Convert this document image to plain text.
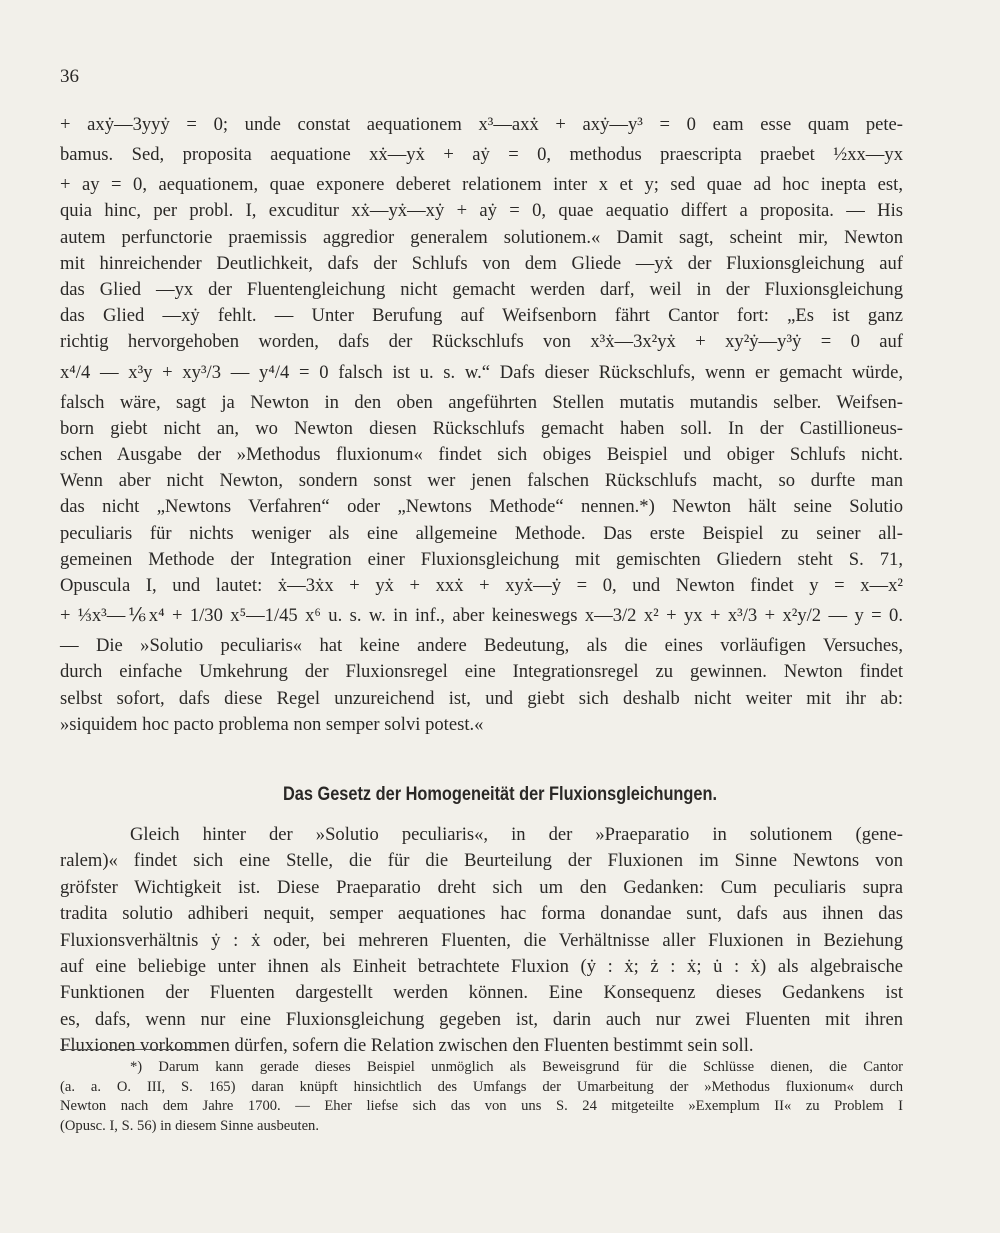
36

+ axẏ—3yyẏ = 0; unde constat aequationem x³—axẋ + axẏ—y³ = 0 eam esse quam pete-

bamus. Sed, proposita aequatione xẋ—yẋ + aẏ = 0, methodus praescripta praebet ½xx—yx

+ ay = 0, aequationem, quae exponere deberet relationem inter x et y; sed quae ad hoc inepta est,

quia hinc, per probl. I, excuditur xẋ—yẋ—xẏ + aẏ = 0, quae aequatio differt a proposita. — His

autem perfunctorie praemissis aggredior generalem solutionem.« Damit sagt, scheint mir, Newton

mit hinreichender Deutlichkeit, dafs der Schlufs von dem Gliede —yẋ der Fluxionsgleichung auf

das Glied —yx der Fluentengleichung nicht gemacht werden darf, weil in der Fluxionsgleichung

das Glied —xẏ fehlt. — Unter Berufung auf Weifsenborn fährt Cantor fort: „Es ist ganz

richtig hervorgehoben worden, dafs der Rückschlufs von x³ẋ—3x²yẋ + xy²ẏ—y³ẏ = 0 auf

x⁴/4 — x³y + xy³/3 — y⁴/4 = 0 falsch ist u. s. w.“ Dafs dieser Rückschlufs, wenn er gemacht würde,

falsch wäre, sagt ja Newton in den oben angeführten Stellen mutatis mutandis selber. Weifsen-

born giebt nicht an, wo Newton diesen Rückschlufs gemacht haben soll. In der Castillioneus-

schen Ausgabe der »Methodus fluxionum« findet sich obiges Beispiel und obiger Schlufs nicht.

Wenn aber nicht Newton, sondern sonst wer jenen falschen Rückschlufs macht, so durfte man

das nicht „Newtons Verfahren“ oder „Newtons Methode“ nennen.*) Newton hält seine Solutio

peculiaris für nichts weniger als eine allgemeine Methode. Das erste Beispiel zu seiner all-

gemeinen Methode der Integration einer Fluxionsgleichung mit gemischten Gliedern steht S. 71,

Opuscula I, und lautet: ẋ—3ẋx + yẋ + xxẋ + xyẋ—ẏ = 0, und Newton findet y = x—x²

+ ⅓x³—⅙x⁴ + 1/30 x⁵—1/45 x⁶ u. s. w. in inf., aber keineswegs x—3/2 x² + yx + x³/3 + x²y/2 — y = 0.

— Die »Solutio peculiaris« hat keine andere Bedeutung, als die eines vorläufigen Versuches,

durch einfache Umkehrung der Fluxionsregel eine Integrationsregel zu gewinnen. Newton findet

selbst sofort, dafs diese Regel unzureichend ist, und giebt sich deshalb nicht weiter mit ihr ab:

»siquidem hoc pacto problema non semper solvi potest.«

Das Gesetz der Homogeneität der Fluxionsgleichungen.

Gleich hinter der »Solutio peculiaris«, in der »Praeparatio in solutionem (gene-

ralem)« findet sich eine Stelle, die für die Beurteilung der Fluxionen im Sinne Newtons von

gröfster Wichtigkeit ist. Diese Praeparatio dreht sich um den Gedanken: Cum peculiaris supra

tradita solutio adhiberi nequit, semper aequationes hac forma donandae sunt, dafs aus ihnen das

Fluxionsverhältnis ẏ : ẋ oder, bei mehreren Fluenten, die Verhältnisse aller Fluxionen in Beziehung

auf eine beliebige unter ihnen als Einheit betrachtete Fluxion (ẏ : ẋ; ż : ẋ; u̇ : ẋ) als algebraische

Funktionen der Fluenten dargestellt werden können. Eine Konsequenz dieses Gedankens ist

es, dafs, wenn nur eine Fluxionsgleichung gegeben ist, darin auch nur zwei Fluenten mit ihren

Fluxionen vorkommen dürfen, sofern die Relation zwischen den Fluenten bestimmt sein soll.

*) Darum kann gerade dieses Beispiel unmöglich als Beweisgrund für die Schlüsse dienen, die Cantor

(a. a. O. III, S. 165) daran knüpft hinsichtlich des Umfangs der Umarbeitung der »Methodus fluxionum« durch

Newton nach dem Jahre 1700. — Eher liefse sich das von uns S. 24 mitgeteilte »Exemplum II« zu Problem I

(Opusc. I, S. 56) in diesem Sinne ausbeuten.
